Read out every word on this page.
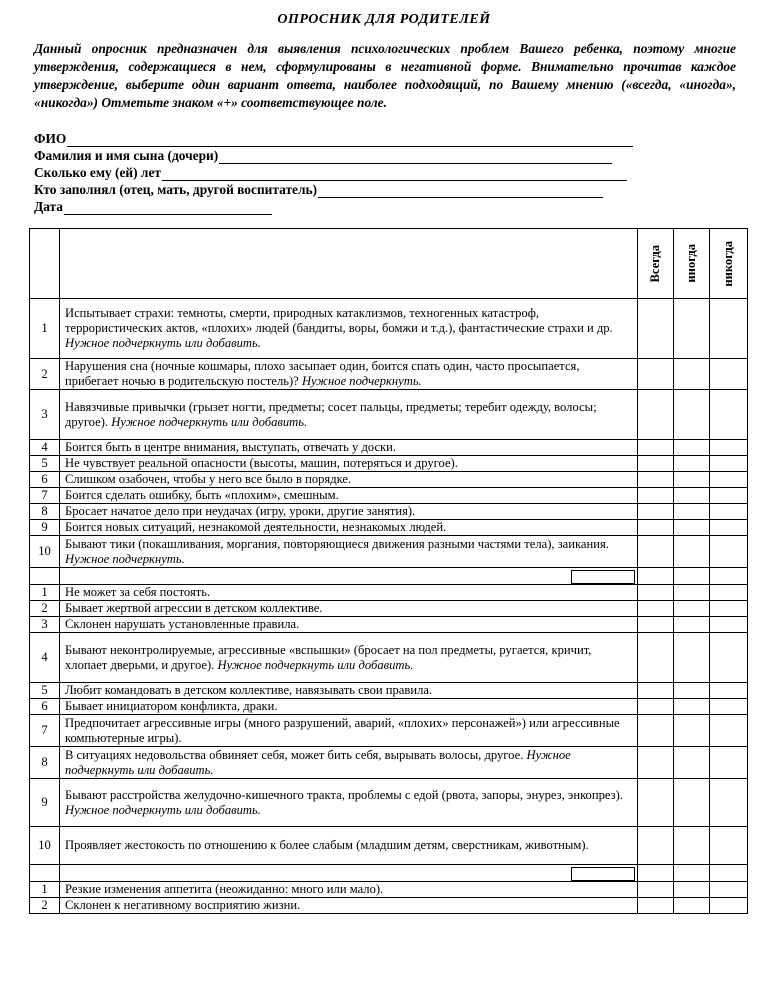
ОПРОСНИК ДЛЯ РОДИТЕЛЕЙ
Данный опросник предназначен для выявления психологических проблем Вашего ребенка, поэтому многие утверждения, содержащиеся в нем, сформулированы в негативной форме. Внимательно прочитав каждое утверждение, выберите один вариант ответа, наиболее подходящий, по Вашему мнению («всегда, «иногда», «никогда») Отметьте знаком «+» соответствующее поле.
ФИО
Фамилия и имя сына (дочери)
Сколько ему (ей) лет
Кто заполнял (отец, мать, другой воспитатель)
Дата

		Всегда	иногда	никогда

1	Испытывает страхи: темноты, смерти, природных катаклизмов, техногенных катастроф, террористических актов, «плохих» людей (бандиты, воры, бомжи и т.д.), фантастические страхи и др. Нужное подчеркнуть или добавить.			
2	Нарушения сна (ночные кошмары, плохо засыпает один, боится спать один, часто просыпается, прибегает ночью в родительскую постель)? Нужное подчеркнуть.			
3	Навязчивые привычки (грызет ногти, предметы; сосет пальцы, предметы; теребит одежду, волосы; другое). Нужное подчеркнуть или добавить.			
4	Боится быть в центре внимания, выступать, отвечать у доски.			
5	Не чувствует реальной опасности (высоты, машин, потеряться и другое).			
6	Слишком озабочен, чтобы у него все было в порядке.			
7	Боится сделать ошибку, быть «плохим», смешным.			
8	Бросает начатое дело при неудачах (игру, уроки, другие занятия).			
9	Боится новых ситуаций, незнакомой деятельности, незнакомых людей.			
10	Бывают тики (покашливания, моргания, повторяющиеся движения разными частями тела), заикания. Нужное подчеркнуть.			

1	Не может за себя постоять.			
2	Бывает жертвой агрессии в детском коллективе.			
3	Склонен нарушать установленные правила.			
4	Бывают неконтролируемые, агрессивные «вспышки» (бросает на пол предметы, ругается, кричит, хлопает дверьми, и другое). Нужное подчеркнуть или добавить.			
5	Любит командовать в детском коллективе, навязывать свои правила.			
6	Бывает инициатором конфликта, драки.			
7	Предпочитает агрессивные игры (много разрушений, аварий, «плохих» персонажей») или агрессивные компьютерные игры).			
8	В ситуациях недовольства обвиняет себя, может бить себя, вырывать волосы, другое. Нужное подчеркнуть или добавить.			
9	Бывают расстройства желудочно-кишечного тракта, проблемы с едой (рвота, запоры, энурез, энкопрез). Нужное подчеркнуть или добавить.			
10	Проявляет жестокость по отношению к более слабым (младшим детям, сверстникам, животным).			

1	Резкие изменения аппетита (неожиданно: много или мало).			
2	Склонен к негативному восприятию жизни.			
